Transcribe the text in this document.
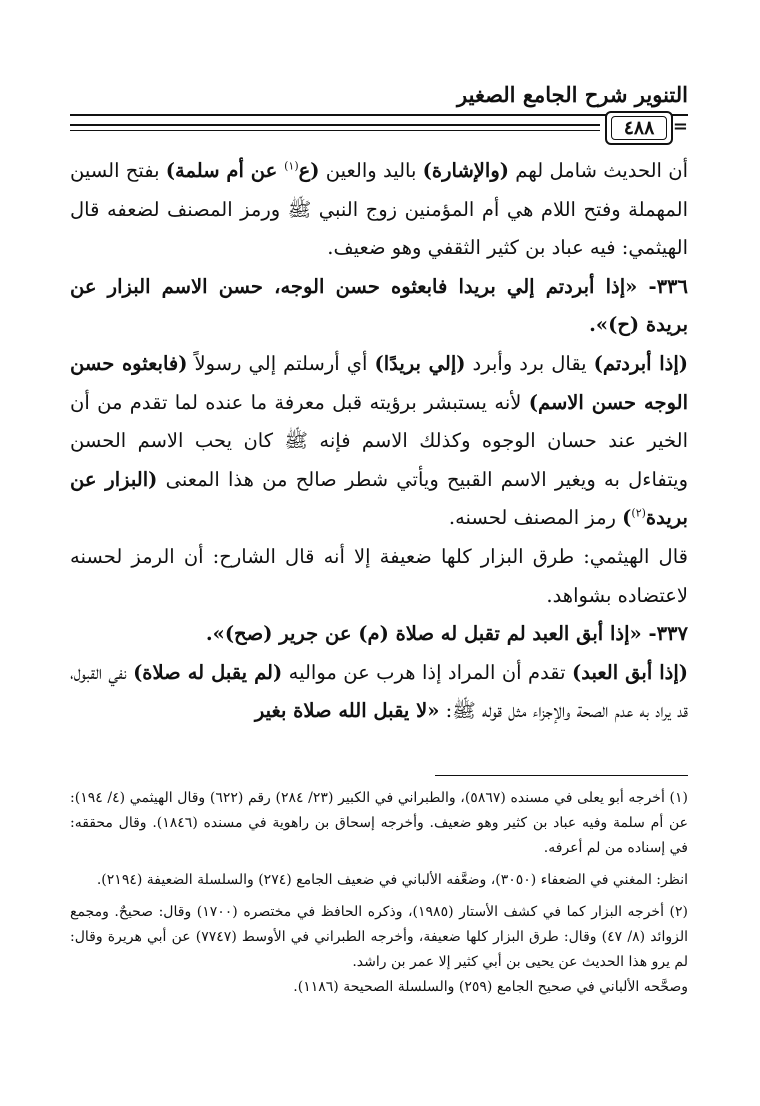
التنوير شرح الجامع الصغير
=
٤٨٨

أن الحديث شامل لهم (والإشارة) باليد والعين (ع$^{(١)}$ عن أم سلمة) بفتح السين المهملة وفتح اللام هي أم المؤمنين زوج النبي ﷺ ورمز المصنف لضعفه قال الهيثمي: فيه عباد بن كثير الثقفي وهو ضعيف.

٣٣٦- «إذا أبردتم إلي بريدا فابعثوه حسن الوجه، حسن الاسم البزار عن بريدة (ح)».

(إذا أبردتم) يقال برد وأبرد (إلي بريدًا) أي أرسلتم إلي رسولاً (فابعثوه حسن الوجه حسن الاسم) لأنه يستبشر برؤيته قبل معرفة ما عنده لما تقدم من أن الخير عند حسان الوجوه وكذلك الاسم فإنه ﷺ كان يحب الاسم الحسن ويتفاءل به ويغير الاسم القبيح ويأتي شطر صالح من هذا المعنى (البزار عن بريدة$^{(٢)}$) رمز المصنف لحسنه.

قال الهيثمي: طرق البزار كلها ضعيفة إلا أنه قال الشارح: أن الرمز لحسنه لاعتضاده بشواهد.

٣٣٧- «إذا أبق العبد لم تقبل له صلاة (م) عن جرير (صح)».

(إذا أبق العبد) تقدم أن المراد إذا هرب عن مواليه (لم يقبل له صلاة) نفي القبول، قد يراد به عدم الصحة والإجزاء مثل قوله ﷺ: «لا يقبل الله صلاة بغير

(١) أخرجه أبو يعلى في مسنده (٥٨٦٧)، والطبراني في الكبير (٢٣/ ٢٨٤) رقم (٦٢٢) وقال الهيثمي (٤/ ١٩٤): عن أم سلمة وفيه عباد بن كثير وهو ضعيف. وأخرجه إسحاق بن راهوية في مسنده (١٨٤٦). وقال محققه: في إسناده من لم أعرفه.

انظر: المغني في الضعفاء (٣٠٥٠)، وضعَّفه الألباني في ضعيف الجامع (٢٧٤) والسلسلة الضعيفة (٢١٩٤).

(٢) أخرجه البزار كما في كشف الأستار (١٩٨٥)، وذكره الحافظ في مختصره (١٧٠٠) وقال: صحيحٌ. ومجمع الزوائد (٨/ ٤٧) وقال: طرق البزار كلها ضعيفة، وأخرجه الطبراني في الأوسط (٧٧٤٧) عن أبي هريرة وقال: لم يرو هذا الحديث عن يحيى بن أبي كثير إلا عمر بن راشد.

وصحَّحه الألباني في صحيح الجامع (٢٥٩) والسلسلة الصحيحة (١١٨٦).
